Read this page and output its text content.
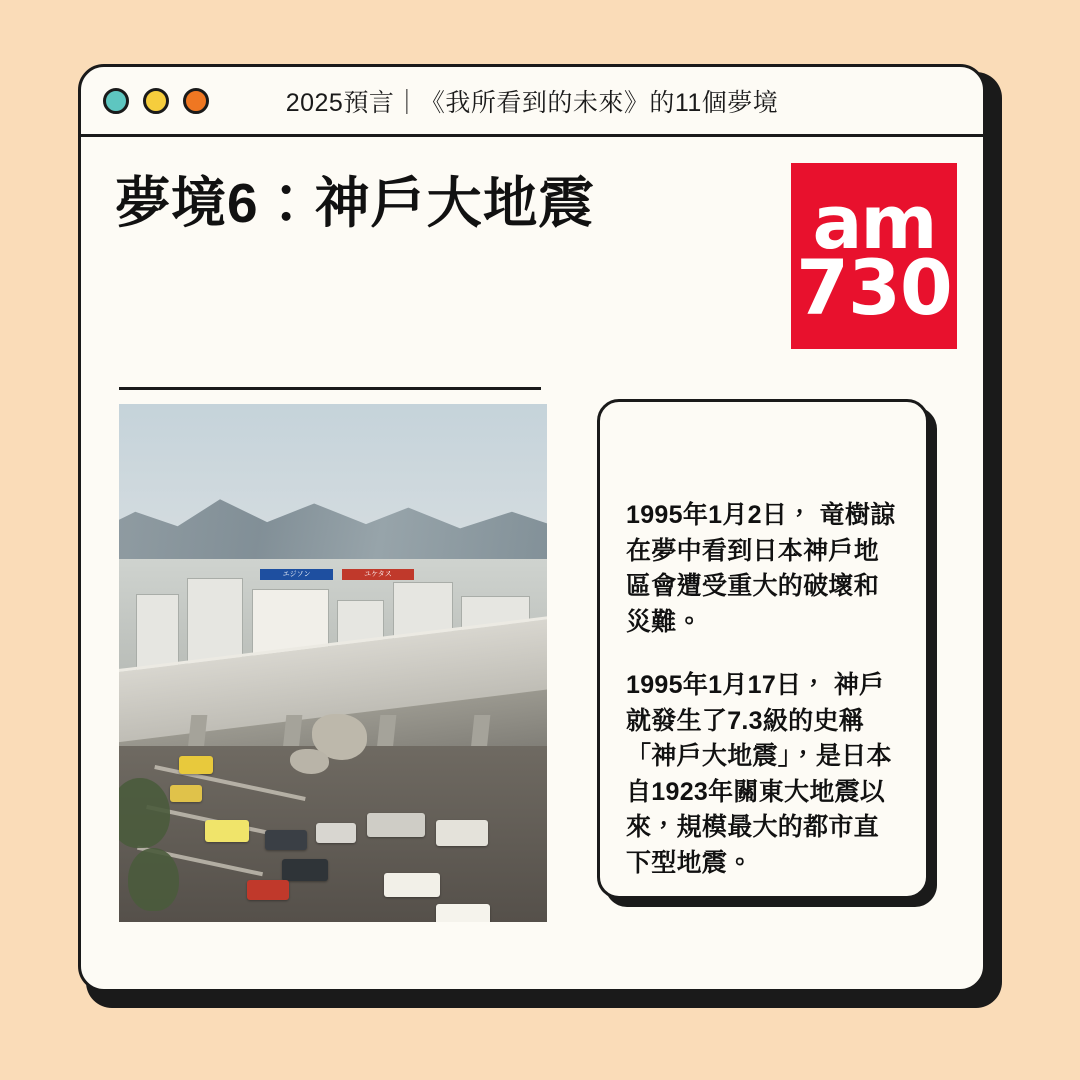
2025預言｜《我所看到的未來》的11個夢境
夢境6：神戶大地震	am
730
エジソン	ユケタス

1995年1月2日， 竜樹諒在夢中看到日本神戶地區會遭受重大的破壞和災難。

1995年1月17日， 神戶就發生了7.3級的史稱「神戶大地震」，是日本自1923年關東大地震以來，規模最大的都市直下型地震。
